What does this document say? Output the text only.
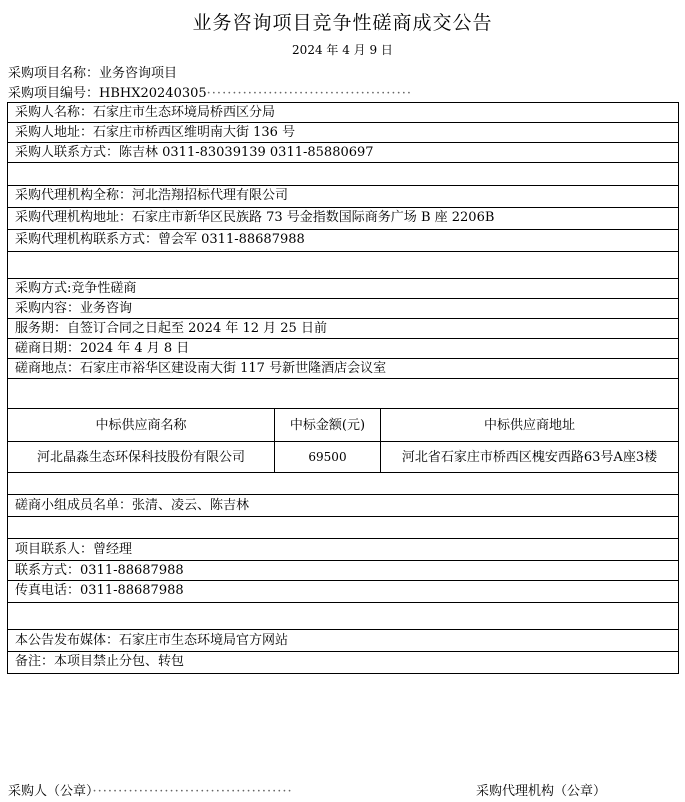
业务咨询项目竞争性磋商成交公告
2024 年 4 月 9 日
采购项目名称：业务咨询项目
采购项目编号：HBHX20240305········································
采购人名称：石家庄市生态环境局桥西区分局
采购人地址：石家庄市桥西区维明南大街 136 号
采购人联系方式：陈吉林 0311-83039139 0311-85880697
采购代理机构全称：河北浩翔招标代理有限公司
采购代理机构地址：石家庄市新华区民族路 73 号金指数国际商务广场 B 座 2206B
采购代理机构联系方式：曾会军 0311-88687988
采购方式:竞争性磋商
采购内容：业务咨询
服务期：自签订合同之日起至 2024 年 12 月 25 日前
磋商日期：2024 年 4 月 8 日
磋商地点：石家庄市裕华区建设南大街 117 号新世隆酒店会议室
中标供应商名称	中标金额(元)	中标供应商地址
河北晶淼生态环保科技股份有限公司	69500	河北省石家庄市桥西区槐安西路63号A座3楼
磋商小组成员名单：张清、凌云、陈吉林
项目联系人：曾经理
联系方式：0311-88687988
传真电话：0311-88687988
本公告发布媒体：石家庄市生态环境局官方网站
备注：本项目禁止分包、转包
采购人（公章）·······································	采购代理机构（公章）
